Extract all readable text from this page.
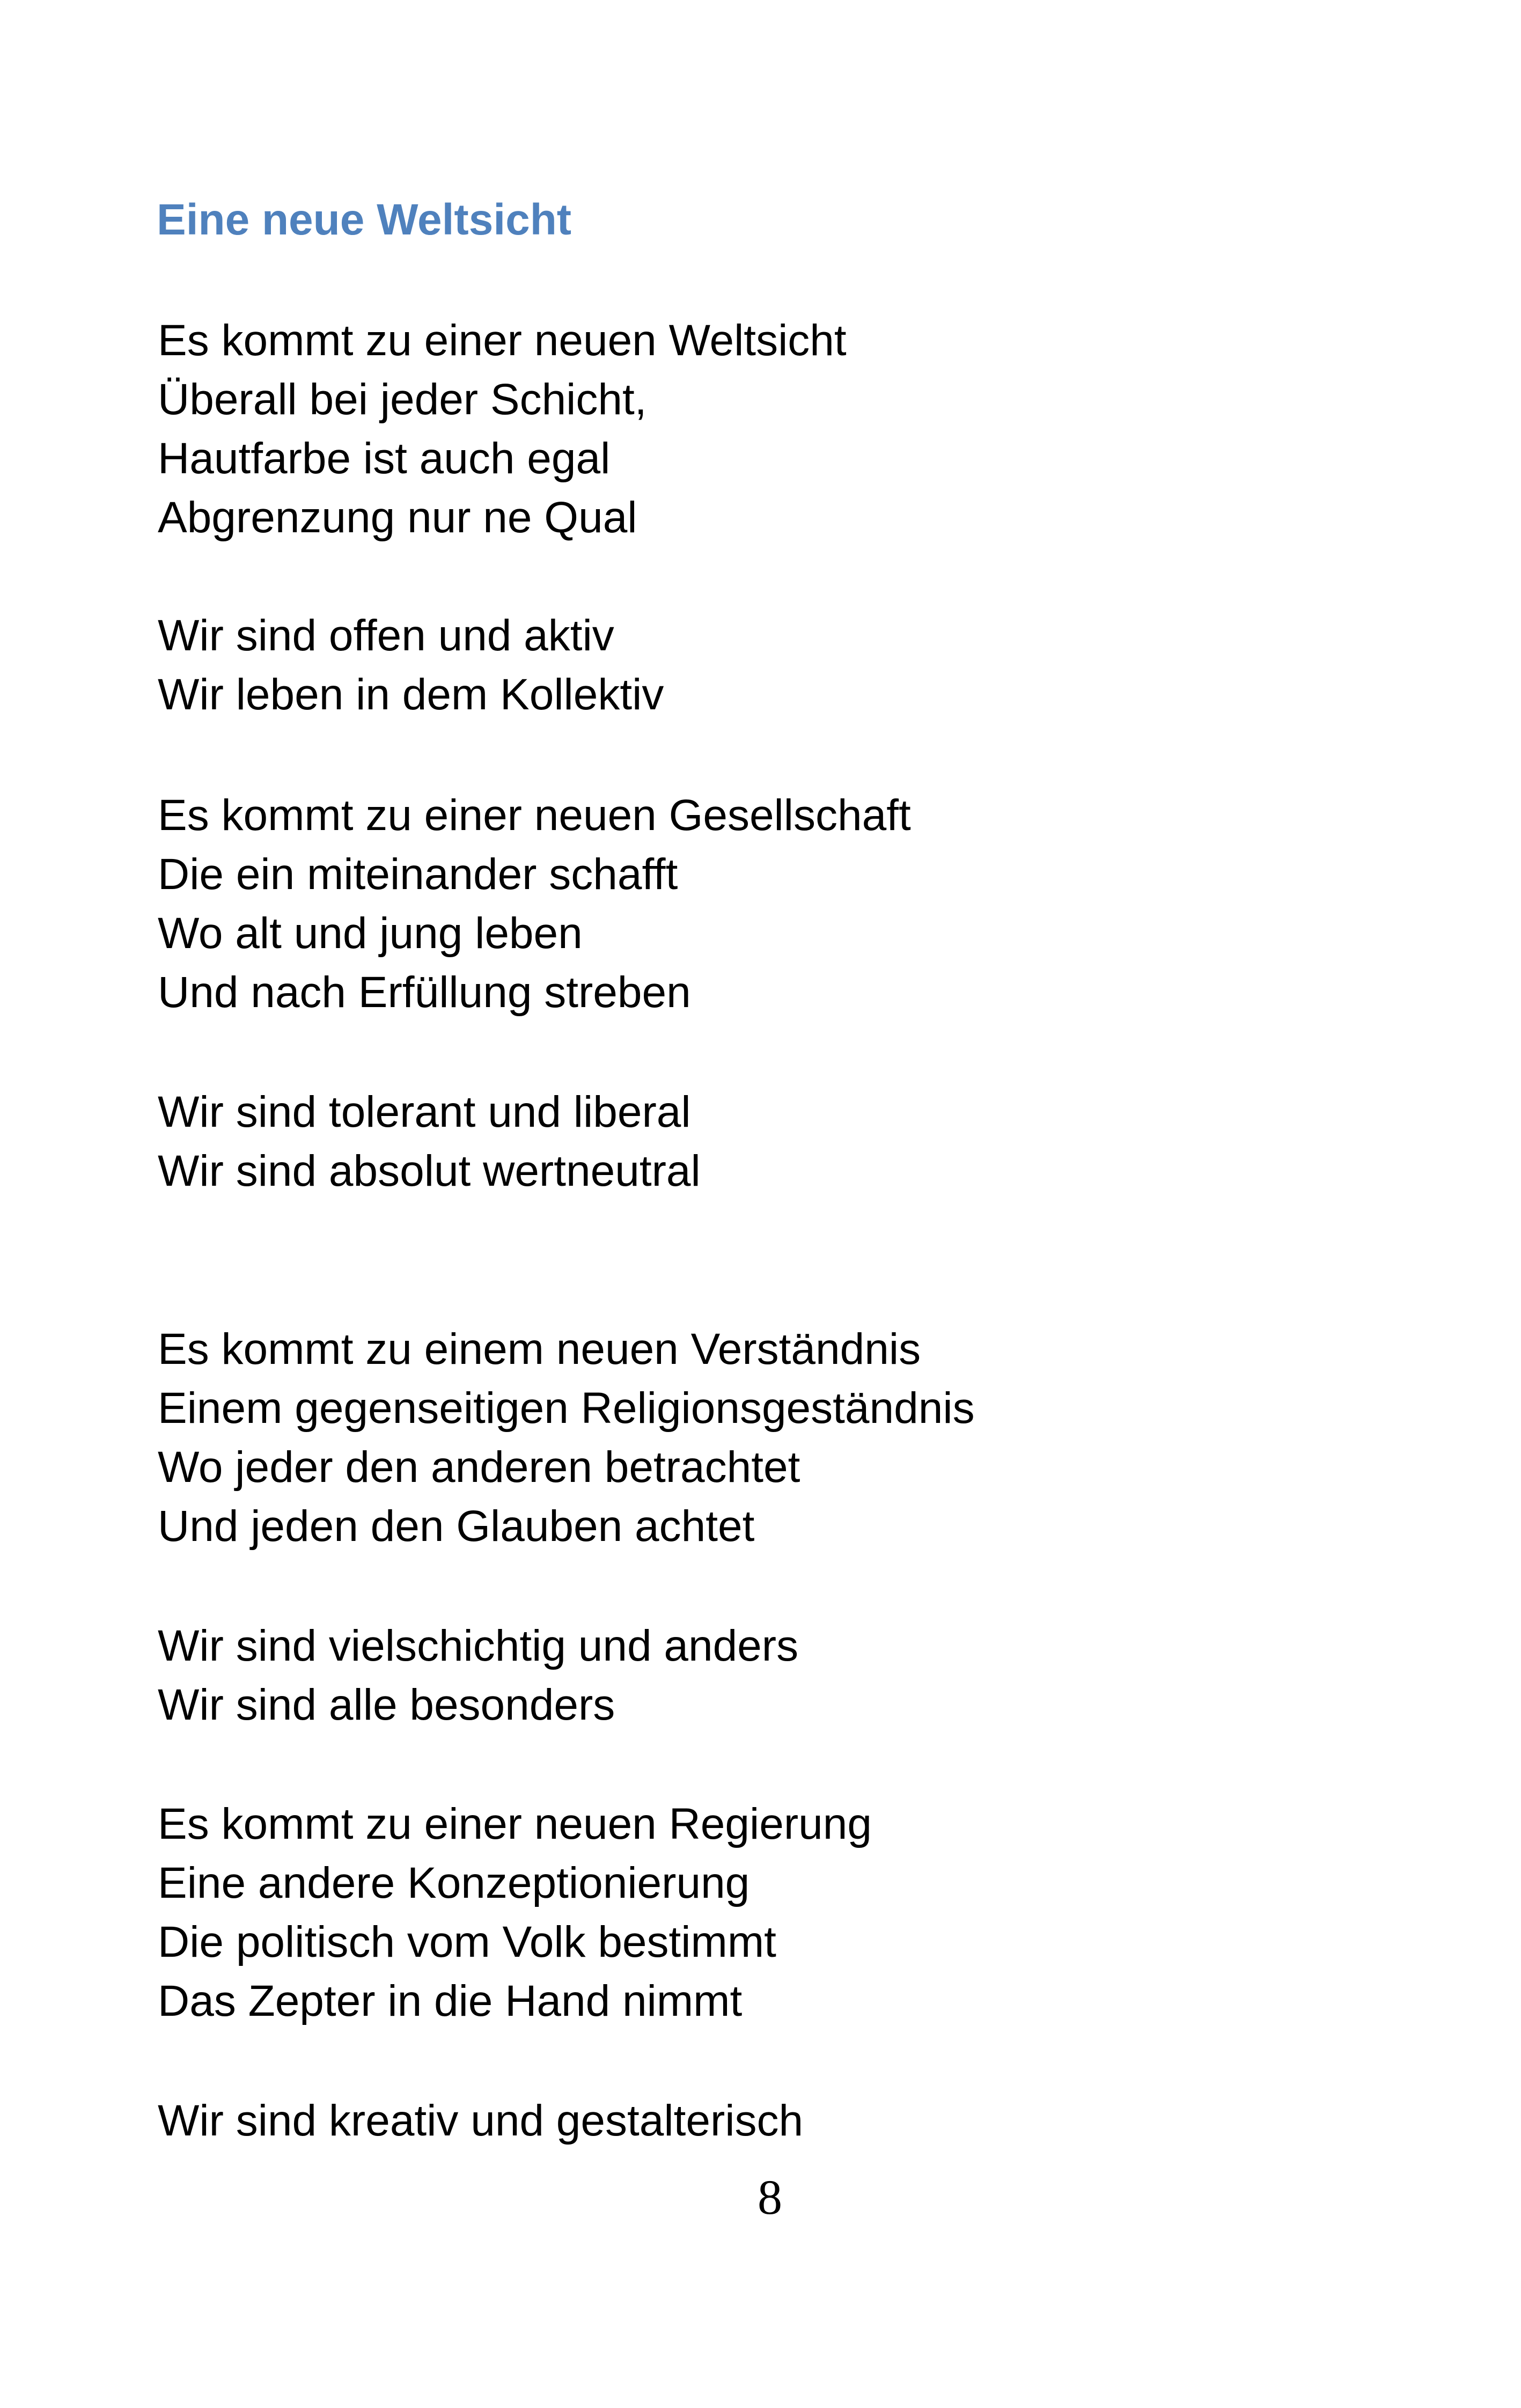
Eine neue Weltsicht
Es kommt zu einer neuen Weltsicht
Überall bei jeder Schicht,
Hautfarbe ist auch egal
Abgrenzung nur ne Qual
Wir sind offen und aktiv
Wir leben in dem Kollektiv
Es kommt zu einer neuen Gesellschaft
Die ein miteinander schafft
Wo alt und jung leben
Und nach Erfüllung streben
Wir sind tolerant und liberal
Wir sind absolut wertneutral
Es kommt zu einem neuen Verständnis
Einem gegenseitigen Religionsgeständnis
Wo jeder den anderen betrachtet
Und jeden den Glauben achtet
Wir sind vielschichtig und anders
Wir sind alle besonders
Es kommt zu einer neuen Regierung
Eine andere Konzeptionierung
Die politisch vom Volk bestimmt
Das Zepter in die Hand nimmt
Wir sind kreativ und gestalterisch
8
